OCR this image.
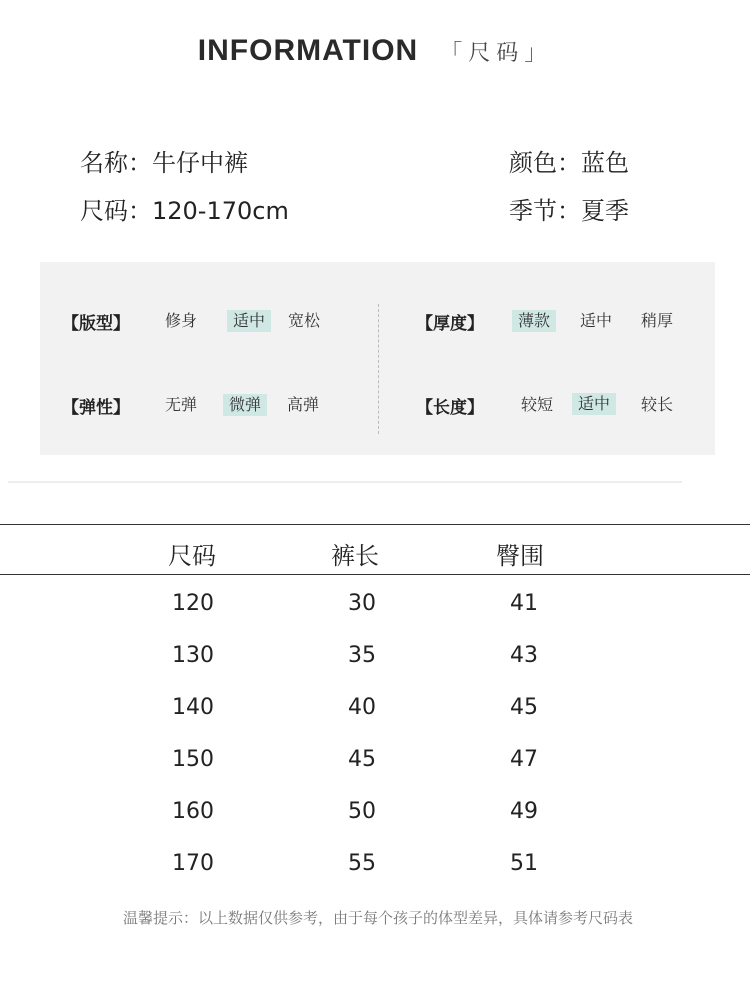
INFORMATION 「尺码」
名称：牛仔中裤
尺码：120-170cm
颜色：蓝色
季节：夏季
【版型】 修身	适中	宽松
【弹性】 无弹	微弹	高弹
【厚度】	薄款	适中 稍厚
【长度】 较短	适中	较长
尺码	裤长	臀围
120	30	41
130	35	43
140	40	45
150	45	47
160	50	49
170	55	51
温馨提示：以上数据仅供参考，由于每个孩子的体型差异，具体请参考尺码表
